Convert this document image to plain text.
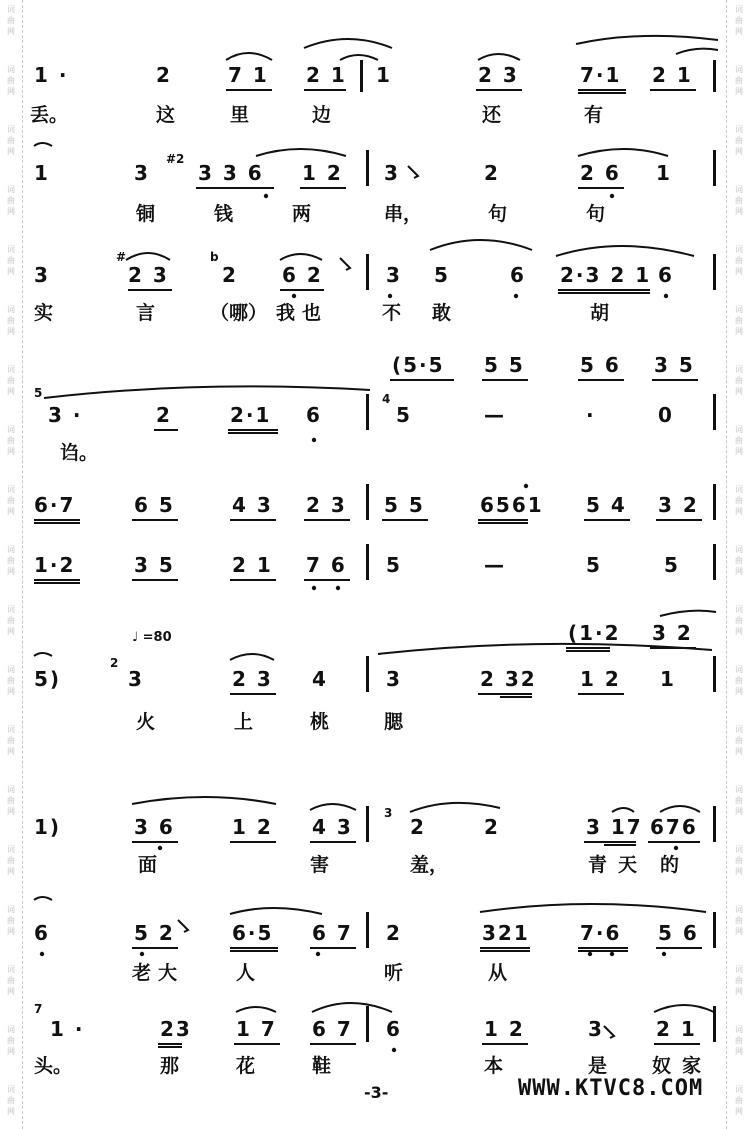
词
曲
网
词
曲
网
词
曲
网
词
曲
网
词
曲
网
词
曲
网
词
曲
网
词
曲
网
词
曲
网
词
曲
网
词
曲
网
词
曲
网
词
曲
网
词
曲
网
词
曲
网
词
曲
网
词
曲
网
词
曲
网
词
曲
网
词
曲
网
词
曲
网
词
曲
网
词
曲
网
词
曲
网
词
曲
网
词
曲
网
词
曲
网
词
曲
网
词
曲
网
词
曲
网
词
曲
网
词
曲
网
词
曲
网
词
曲
网
词
曲
网
词
曲
网
词
曲
网
词
曲
网
1 ·	2	7 1 2 1 1	2 3	7·1 2 1
丢。	这	里	边	还	有
1	3
#2
3 3 6 1 2 3	2	2 6 1
铜	钱	两	串，	句	句
3
#
2 3
b
2 6 2	3 5	6 2·3 2 1 6
实	言	（哪） 我 也	不 敢	胡
(5·5 5 5	5 6 3 5
5
3 ·	2	2·1 6
4
5	—	·	0
诌。
6·7	6 5	4 3 2 3 5 5	6561 5 4 3 2
1·2	3 5	2 1 7 6 5	—	5	5
♩ =80	(1·2 3 2
5)
2
3	2 3 4	3	2 32 1 2 1
火	上	桃	腮
1)	3 6	1 2 4 3
3
2	2	3 17 676
面	害	羞，	青 天 的
6	5 2	6·5 6 7 2	321	7·6 5 6
老 大	人	听	从
7
1 ·	23 1 7 6 7 6	1 2	3	2 1
头。	那	花	鞋	本	是 奴 家
-3-	WWW.KTVC8.COM
